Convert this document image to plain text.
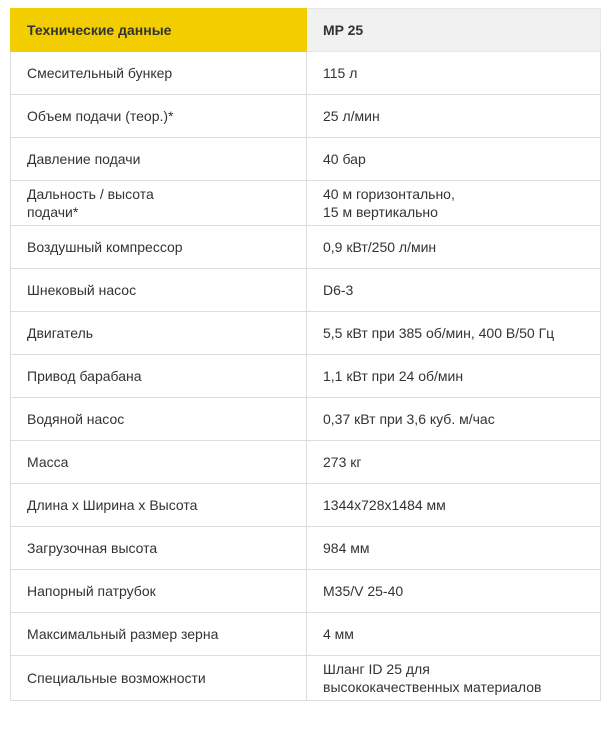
Технические данные	MP 25

Смесительный бункер	115 л

Объем подачи (теор.)*	25 л/мин

Давление подачи	40 бар

Дальность / высота
подачи*	40 м горизонтально,
15 м вертикально

Воздушный компрессор	0,9 кВт/250 л/мин

Шнековый насос	D6-3

Двигатель	5,5 кВт при 385 об/мин, 400 В/50 Гц

Привод барабана	1,1 кВт при 24 об/мин

Водяной насос	0,37 кВт при 3,6 куб. м/час

Масса	273 кг

Длина x Ширина x Высота	1344x728x1484 мм

Загрузочная высота	984 мм

Напорный патрубок	M35/V 25-40

Максимальный размер зерна	4 мм

Специальные возможности	Шланг ID 25 для
высококачественных материалов
